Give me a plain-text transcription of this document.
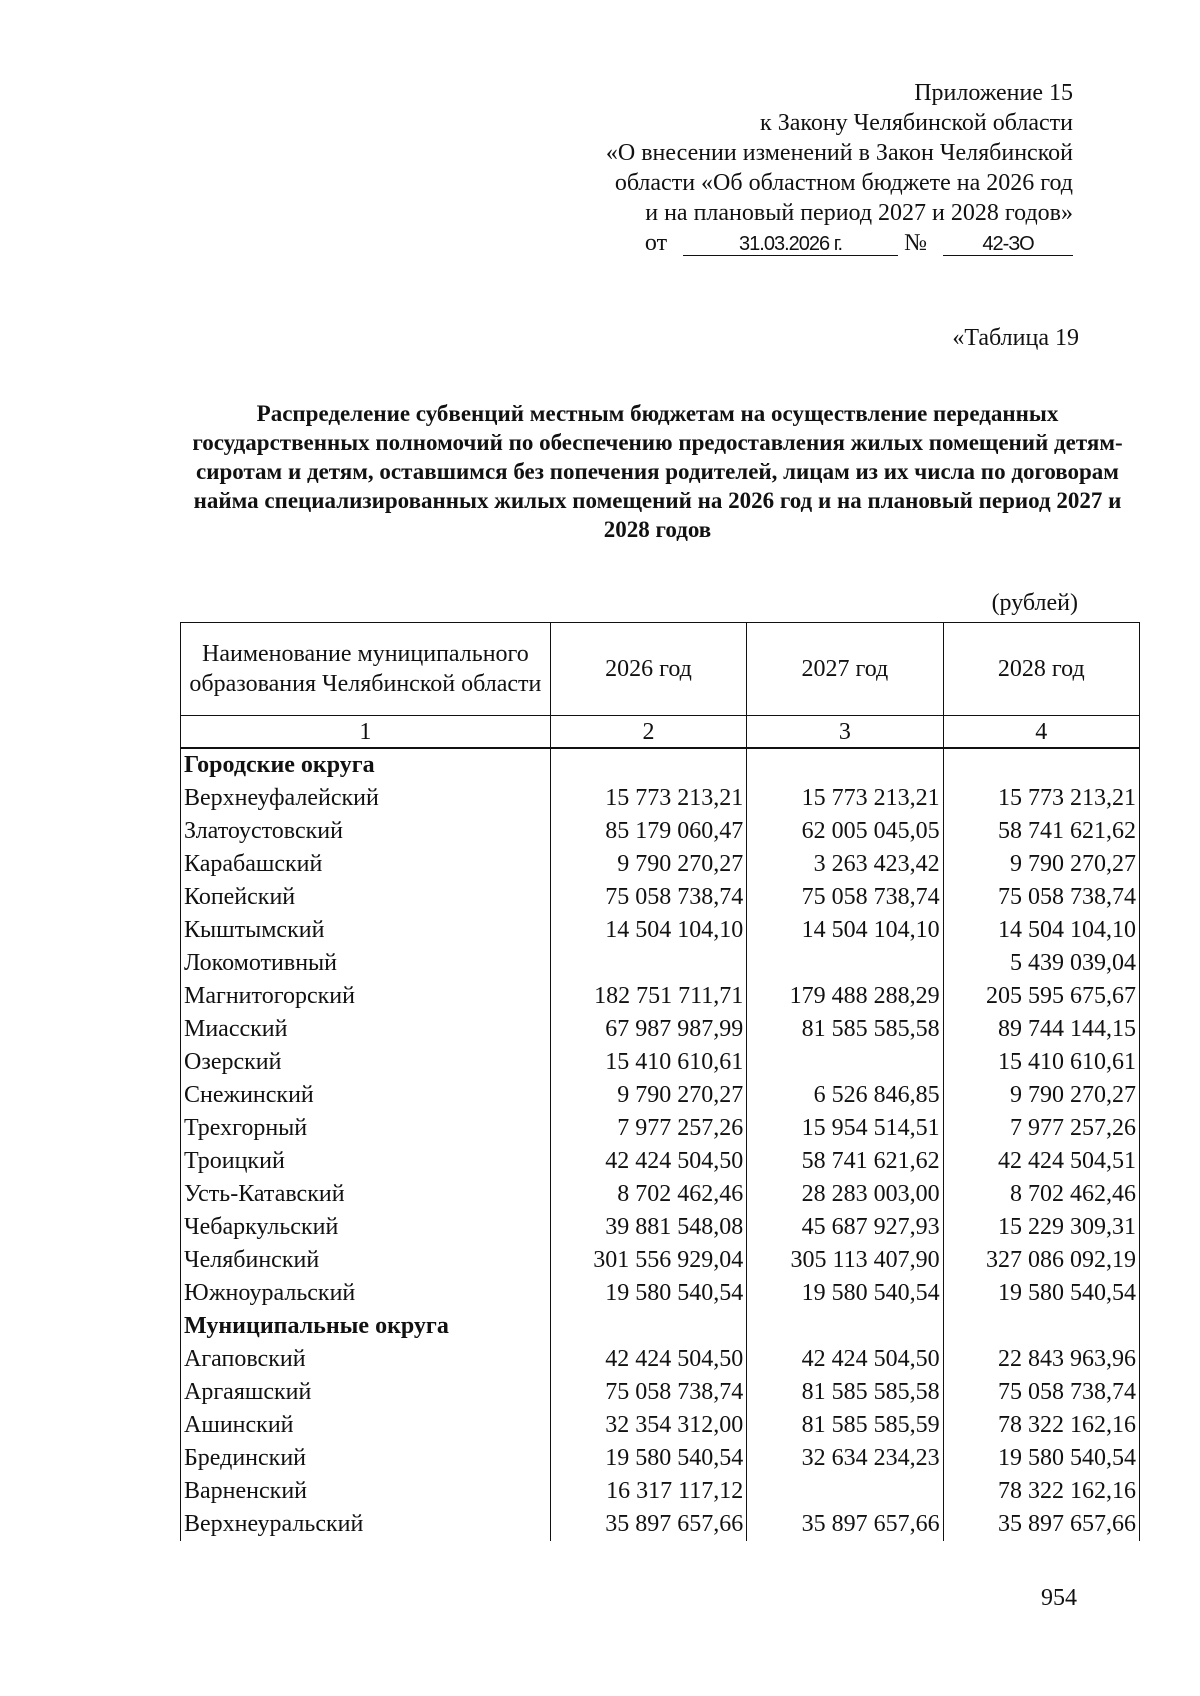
Приложение 15
к Закону Челябинской области
«О внесении изменений в Закон Челябинской
области «Об областном бюджете на 2026 год
и на плановый период 2027 и 2028 годов»
от	31.03.2026 г.	№	42-ЗО
«Таблица 19
Распределение субвенций местным бюджетам на осуществление переданных государственных полномочий по обеспечению предоставления жилых помещений детям-сиротам и детям, оставшимся без попечения родителей, лицам из их числа по договорам найма специализированных жилых помещений на 2026 год и на плановый период 2027 и 2028 годов
(рублей)
Наименование муниципального образования Челябинской области	2026 год	2027 год	2028 год
1	2	3	4
Городские округа			
Верхнеуфалейский	15 773 213,21	15 773 213,21	15 773 213,21
Златоустовский	85 179 060,47	62 005 045,05	58 741 621,62
Карабашский	9 790 270,27	3 263 423,42	9 790 270,27
Копейский	75 058 738,74	75 058 738,74	75 058 738,74
Кыштымский	14 504 104,10	14 504 104,10	14 504 104,10
Локомотивный			5 439 039,04
Магнитогорский	182 751 711,71	179 488 288,29	205 595 675,67
Миасский	67 987 987,99	81 585 585,58	89 744 144,15
Озерский	15 410 610,61		15 410 610,61
Снежинский	9 790 270,27	6 526 846,85	9 790 270,27
Трехгорный	7 977 257,26	15 954 514,51	7 977 257,26
Троицкий	42 424 504,50	58 741 621,62	42 424 504,51
Усть-Катавский	8 702 462,46	28 283 003,00	8 702 462,46
Чебаркульский	39 881 548,08	45 687 927,93	15 229 309,31
Челябинский	301 556 929,04	305 113 407,90	327 086 092,19
Южноуральский	19 580 540,54	19 580 540,54	19 580 540,54
Муниципальные округа			
Агаповский	42 424 504,50	42 424 504,50	22 843 963,96
Аргаяшский	75 058 738,74	81 585 585,58	75 058 738,74
Ашинский	32 354 312,00	81 585 585,59	78 322 162,16
Брединский	19 580 540,54	32 634 234,23	19 580 540,54
Варненский	16 317 117,12		78 322 162,16
Верхнеуральский	35 897 657,66	35 897 657,66	35 897 657,66
954
